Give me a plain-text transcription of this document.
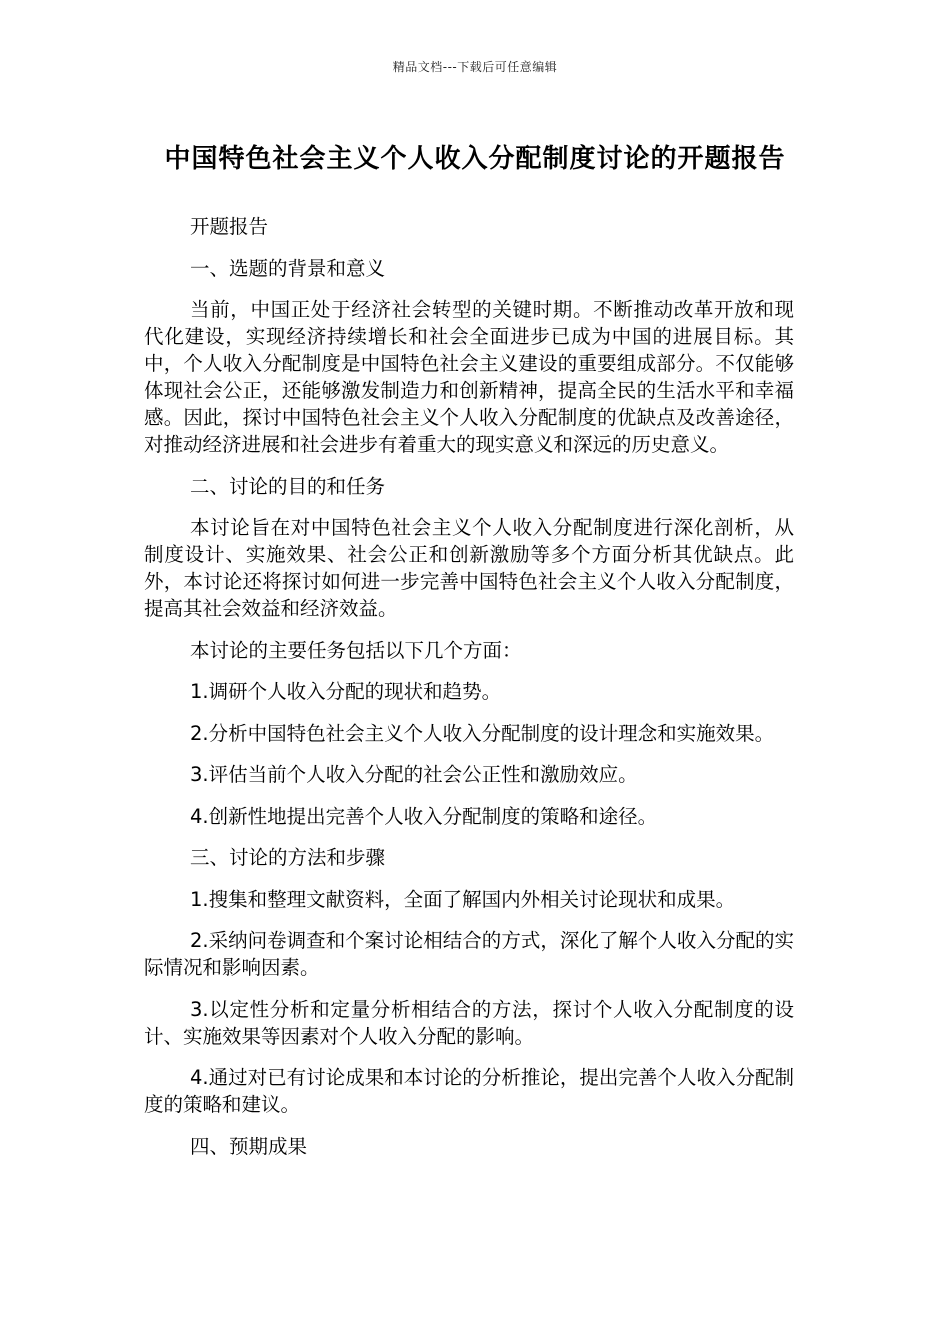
精品文档---下载后可任意编辑
中国特色社会主义个人收入分配制度讨论的开题报告

开题报告

一、选题的背景和意义

当前，中国正处于经济社会转型的关键时期。不断推动改革开放和现代化建设，实现经济持续增长和社会全面进步已成为中国的进展目标。其中，个人收入分配制度是中国特色社会主义建设的重要组成部分。不仅能够体现社会公正，还能够激发制造力和创新精神，提高全民的生活水平和幸福感。因此，探讨中国特色社会主义个人收入分配制度的优缺点及改善途径，对推动经济进展和社会进步有着重大的现实意义和深远的历史意义。

二、讨论的目的和任务

本讨论旨在对中国特色社会主义个人收入分配制度进行深化剖析，从制度设计、实施效果、社会公正和创新激励等多个方面分析其优缺点。此外，本讨论还将探讨如何进一步完善中国特色社会主义个人收入分配制度，提高其社会效益和经济效益。

本讨论的主要任务包括以下几个方面：

1.调研个人收入分配的现状和趋势。

2.分析中国特色社会主义个人收入分配制度的设计理念和实施效果。

3.评估当前个人收入分配的社会公正性和激励效应。

4.创新性地提出完善个人收入分配制度的策略和途径。

三、讨论的方法和步骤

1.搜集和整理文献资料，全面了解国内外相关讨论现状和成果。

2.采纳问卷调查和个案讨论相结合的方式，深化了解个人收入分配的实际情况和影响因素。

3.以定性分析和定量分析相结合的方法，探讨个人收入分配制度的设计、实施效果等因素对个人收入分配的影响。

4.通过对已有讨论成果和本讨论的分析推论，提出完善个人收入分配制度的策略和建议。

四、预期成果
